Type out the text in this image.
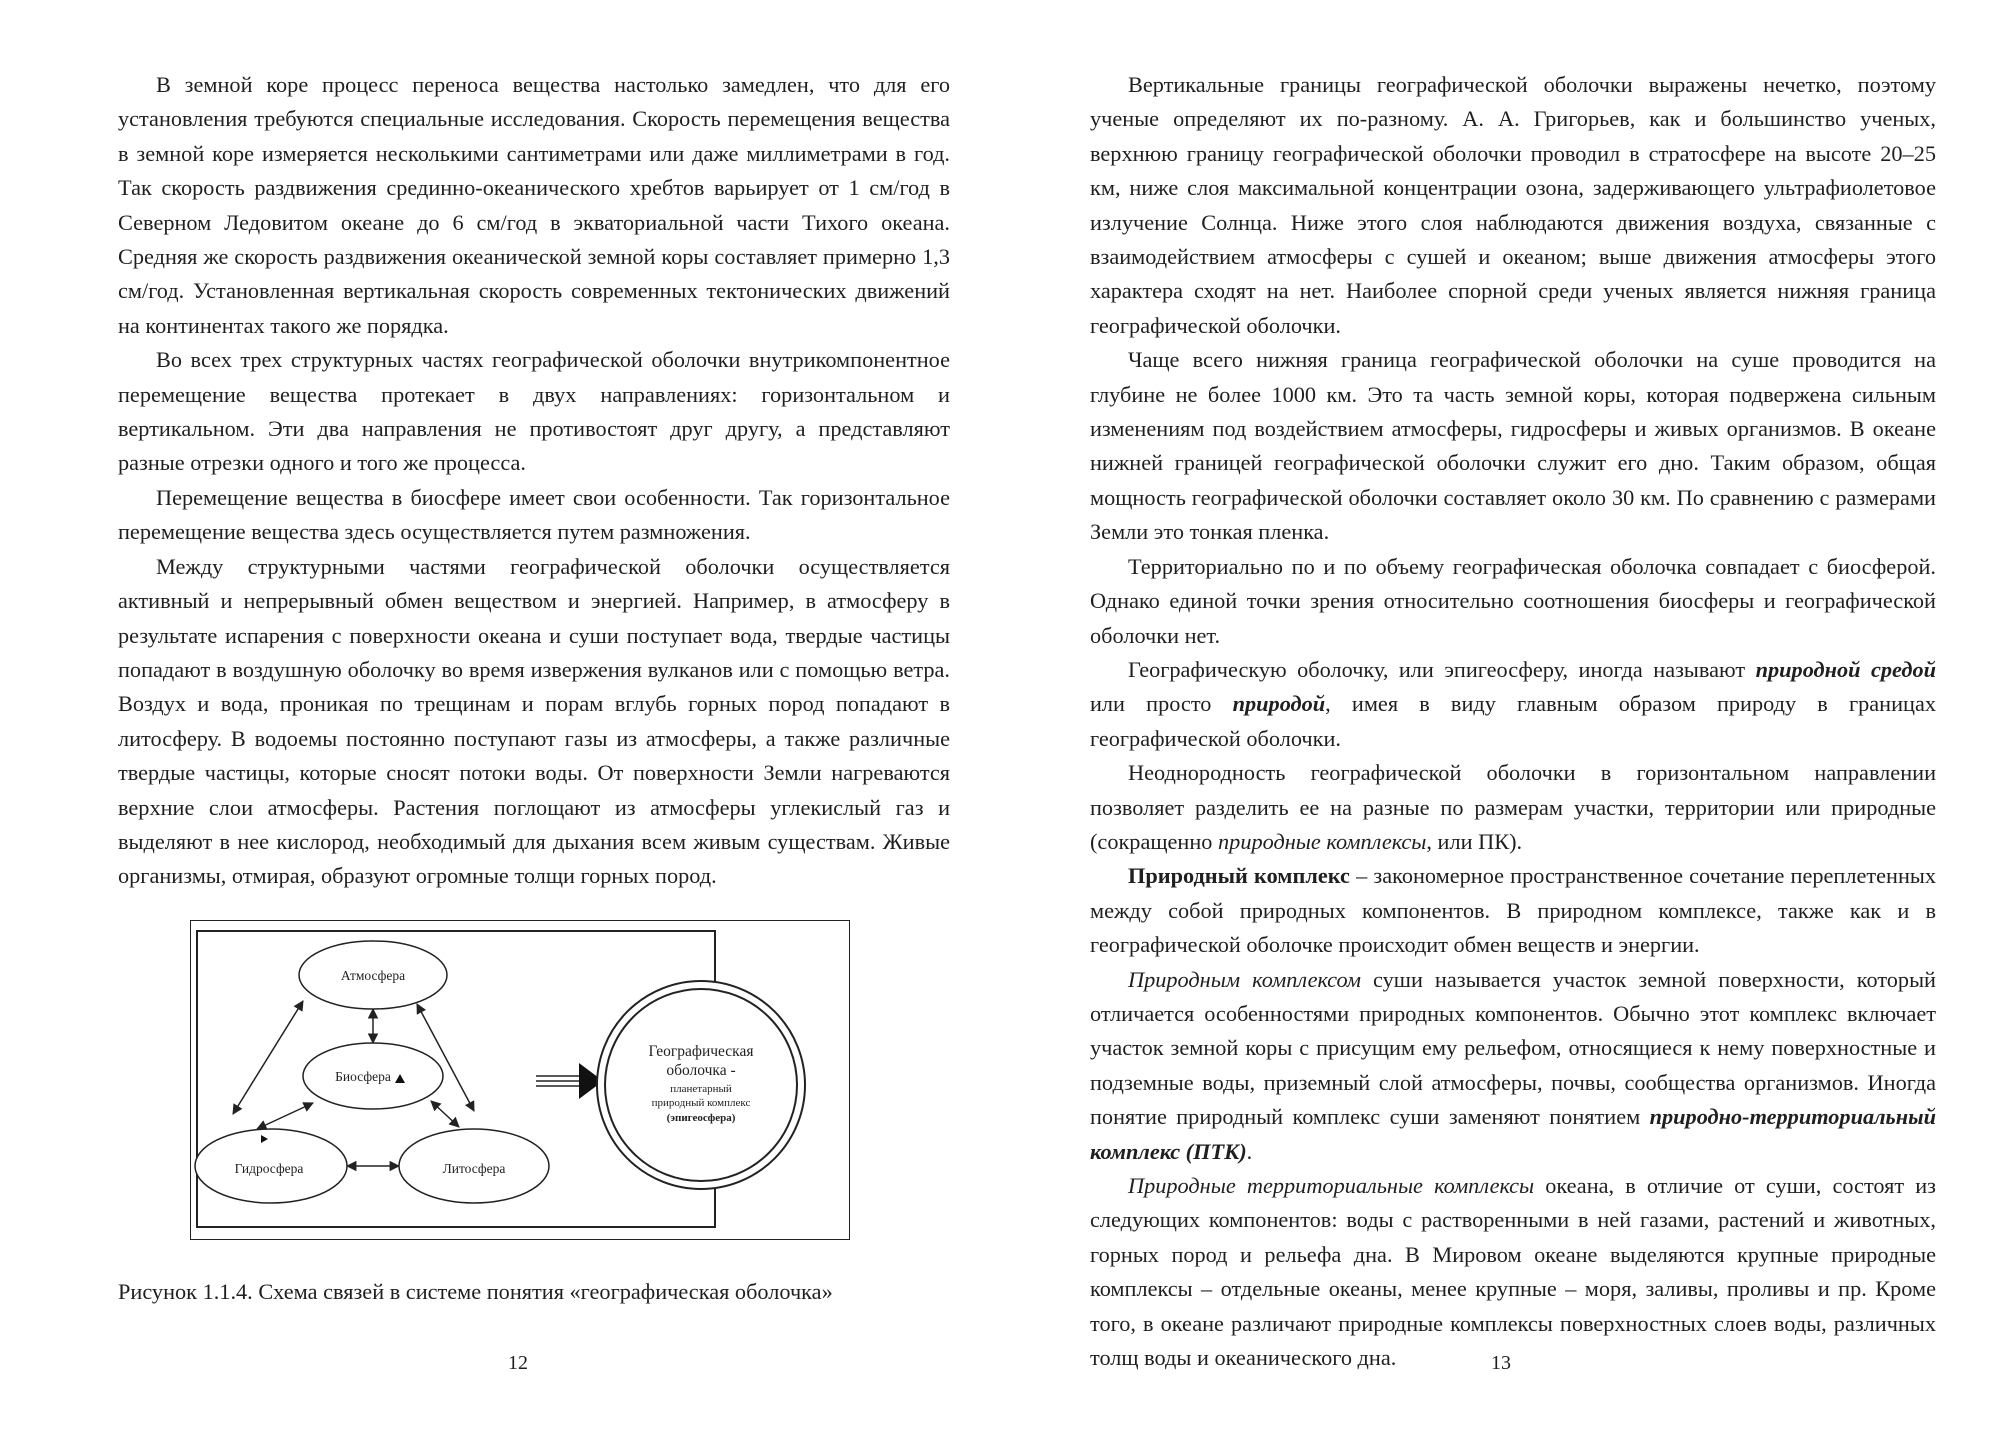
В земной коре процесс переноса вещества настолько замедлен, что для его установления требуются специальные исследования. Скорость перемещения вещества в земной коре измеряется несколькими сантиметрами или даже миллиметрами в год. Так скорость раздвижения срединно-океанического хребтов варьирует от 1 см/год в Северном Ледовитом океане до 6 см/год в экваториальной части Тихого океана. Средняя же скорость раздвижения океанической земной коры составляет примерно 1,3 см/год. Установленная вертикальная скорость современных тектонических движений на континентах такого же порядка.

Во всех трех структурных частях географической оболочки внутрикомпонентное перемещение вещества протекает в двух направлениях: горизонтальном и вертикальном. Эти два направления не противостоят друг другу, а представляют разные отрезки одного и того же процесса.

Перемещение вещества в биосфере имеет свои особенности. Так горизонтальное перемещение вещества здесь осуществляется путем размножения.

Между структурными частями географической оболочки осуществляется активный и непрерывный обмен веществом и энергией. Например, в атмосферу в результате испарения с поверхности океана и суши поступает вода, твердые частицы попадают в воздушную оболочку во время извержения вулканов или с помощью ветра. Воздух и вода, проникая по трещинам и порам вглубь горных пород попадают в литосферу. В водоемы постоянно поступают газы из атмосферы, а также различные твердые частицы, которые сносят потоки воды. От поверхности Земли нагреваются верхние слои атмосферы. Растения поглощают из атмосферы углекислый газ и выделяют в нее кислород, необходимый для дыхания всем живым существам. Живые организмы, отмирая, образуют огромные толщи горных пород.

Атмосфера
Биосфера
Гидросфера	Литосфера
Географическая
оболочка -
планетарный
природный комплекс
(эпигеосфера)
Рисунок 1.1.4. Схема связей в системе понятия «географическая оболочка»
12

Вертикальные границы географической оболочки выражены нечетко, поэтому ученые определяют их по-разному. А. А. Григорьев, как и большинство ученых, верхнюю границу географической оболочки проводил в стратосфере на высоте 20–25 км, ниже слоя максимальной концентрации озона, задерживающего ультрафиолетовое излучение Солнца. Ниже этого слоя наблюдаются движения воздуха, связанные с взаимодействием атмосферы с сушей и океаном; выше движения атмосферы этого характера сходят на нет. Наиболее спорной среди ученых является нижняя граница географической оболочки.

Чаще всего нижняя граница географической оболочки на суше проводится на глубине не более 1000 км. Это та часть земной коры, которая подвержена сильным изменениям под воздействием атмосферы, гидросферы и живых организмов. В океане нижней границей географической оболочки служит его дно. Таким образом, общая мощность географической оболочки составляет около 30 км. По сравнению с размерами Земли это тонкая пленка.

Территориально по и по объему географическая оболочка совпадает с биосферой. Однако единой точки зрения относительно соотношения биосферы и географической оболочки нет.

Географическую оболочку, или эпигеосферу, иногда называют природной средой или просто природой, имея в виду главным образом природу в границах географической оболочки.

Неоднородность географической оболочки в горизонтальном направлении позволяет разделить ее на разные по размерам участки, территории или природные (сокращенно природные комплексы, или ПК).

Природный комплекс – закономерное пространственное сочетание переплетенных между собой природных компонентов. В природном комплексе, также как и в географической оболочке происходит обмен веществ и энергии.

Природным комплексом суши называется участок земной поверхности, который отличается особенностями природных компонентов. Обычно этот комплекс включает участок земной коры с присущим ему рельефом, относящиеся к нему поверхностные и подземные воды, приземный слой атмосферы, почвы, сообщества организмов. Иногда понятие природный комплекс суши заменяют понятием природно-территориальный комплекс (ПТК).

Природные территориальные комплексы океана, в отличие от суши, состоят из следующих компонентов: воды с растворенными в ней газами, растений и животных, горных пород и рельефа дна. В Мировом океане выделяются крупные природные комплексы – отдельные океаны, менее крупные – моря, заливы, проливы и пр. Кроме того, в океане различают природные комплексы поверхностных слоев воды, различных толщ воды и океанического дна.	13
